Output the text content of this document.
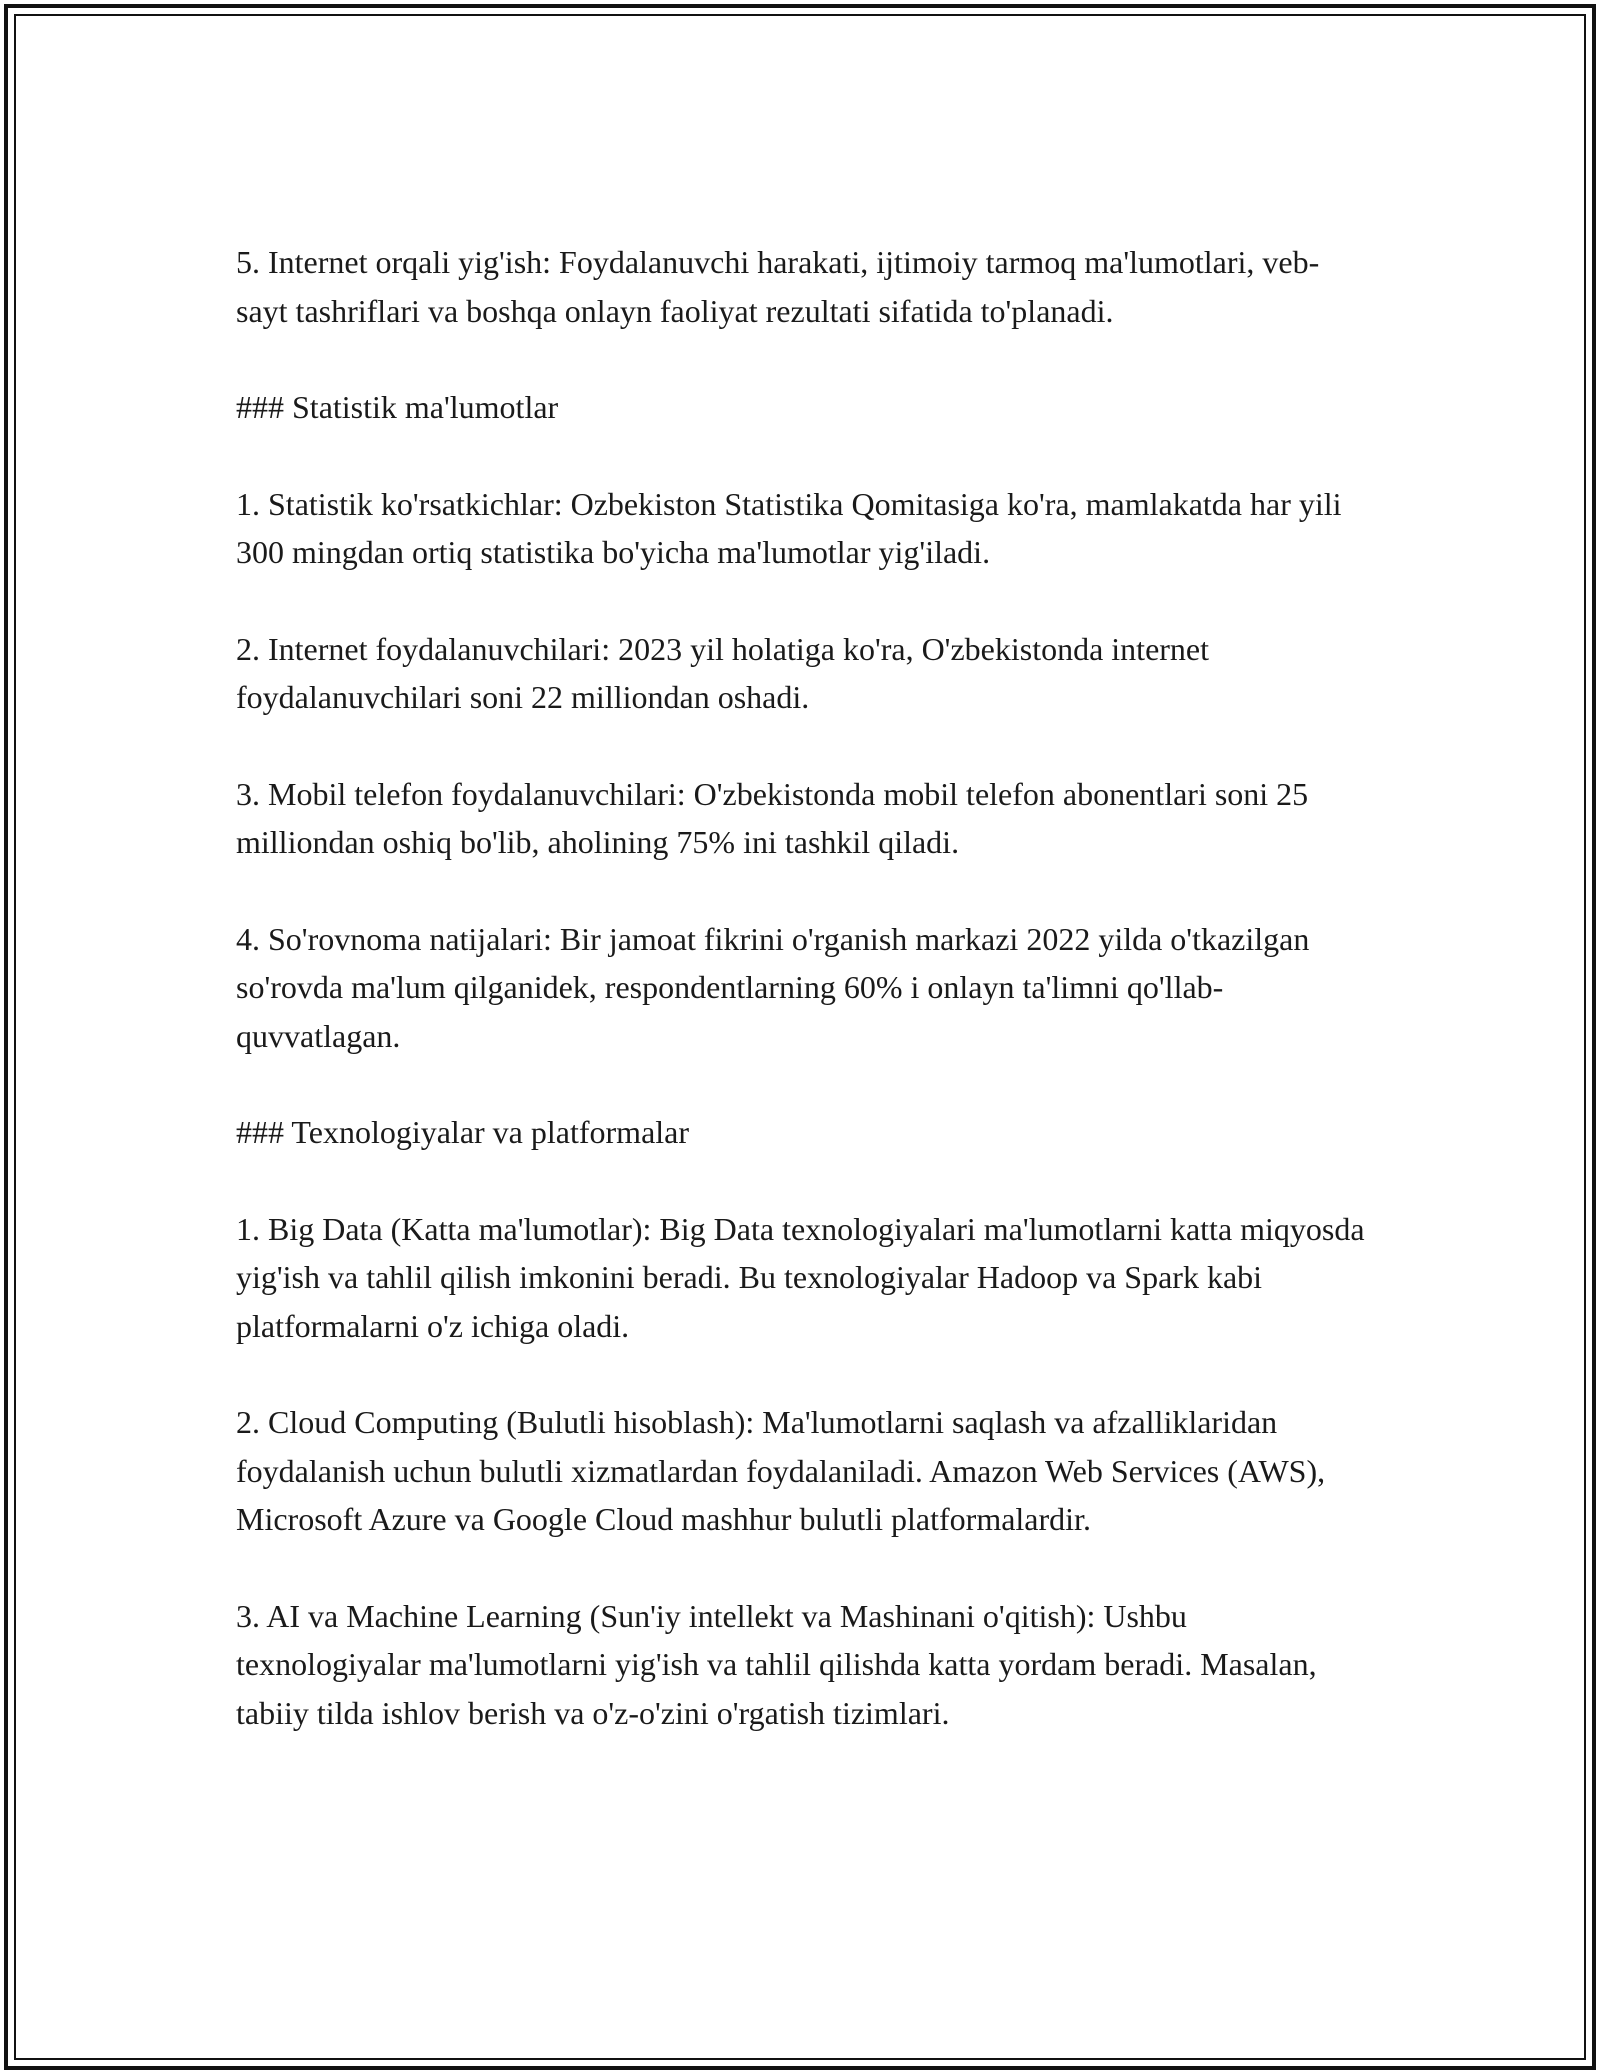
5. Internet orqali yig'ish: Foydalanuvchi harakati, ijtimoiy tarmoq ma'lumotlari, veb-sayt tashriflari va boshqa onlayn faoliyat rezultati sifatida to'planadi.

### Statistik ma'lumotlar

1. Statistik ko'rsatkichlar: Ozbekiston Statistika Qomitasiga ko'ra, mamlakatda har yili 300 mingdan ortiq statistika bo'yicha ma'lumotlar yig'iladi.

2. Internet foydalanuvchilari: 2023 yil holatiga ko'ra, O'zbekistonda internet foydalanuvchilari soni 22 milliondan oshadi.

3. Mobil telefon foydalanuvchilari: O'zbekistonda mobil telefon abonentlari soni 25 milliondan oshiq bo'lib, aholining 75% ini tashkil qiladi.

4. So'rovnoma natijalari: Bir jamoat fikrini o'rganish markazi 2022 yilda o'tkazilgan so'rovda ma'lum qilganidek, respondentlarning 60% i onlayn ta'limni qo'llab-quvvatlagan.

### Texnologiyalar va platformalar

1. Big Data (Katta ma'lumotlar): Big Data texnologiyalari ma'lumotlarni katta miqyosda yig'ish va tahlil qilish imkonini beradi. Bu texnologiyalar Hadoop va Spark kabi platformalarni o'z ichiga oladi.

2. Cloud Computing (Bulutli hisoblash): Ma'lumotlarni saqlash va afzalliklaridan foydalanish uchun bulutli xizmatlardan foydalaniladi. Amazon Web Services (AWS), Microsoft Azure va Google Cloud mashhur bulutli platformalardir.

3. AI va Machine Learning (Sun'iy intellekt va Mashinani o'qitish): Ushbu texnologiyalar ma'lumotlarni yig'ish va tahlil qilishda katta yordam beradi. Masalan, tabiiy tilda ishlov berish va o'z-o'zini o'rgatish tizimlari.
